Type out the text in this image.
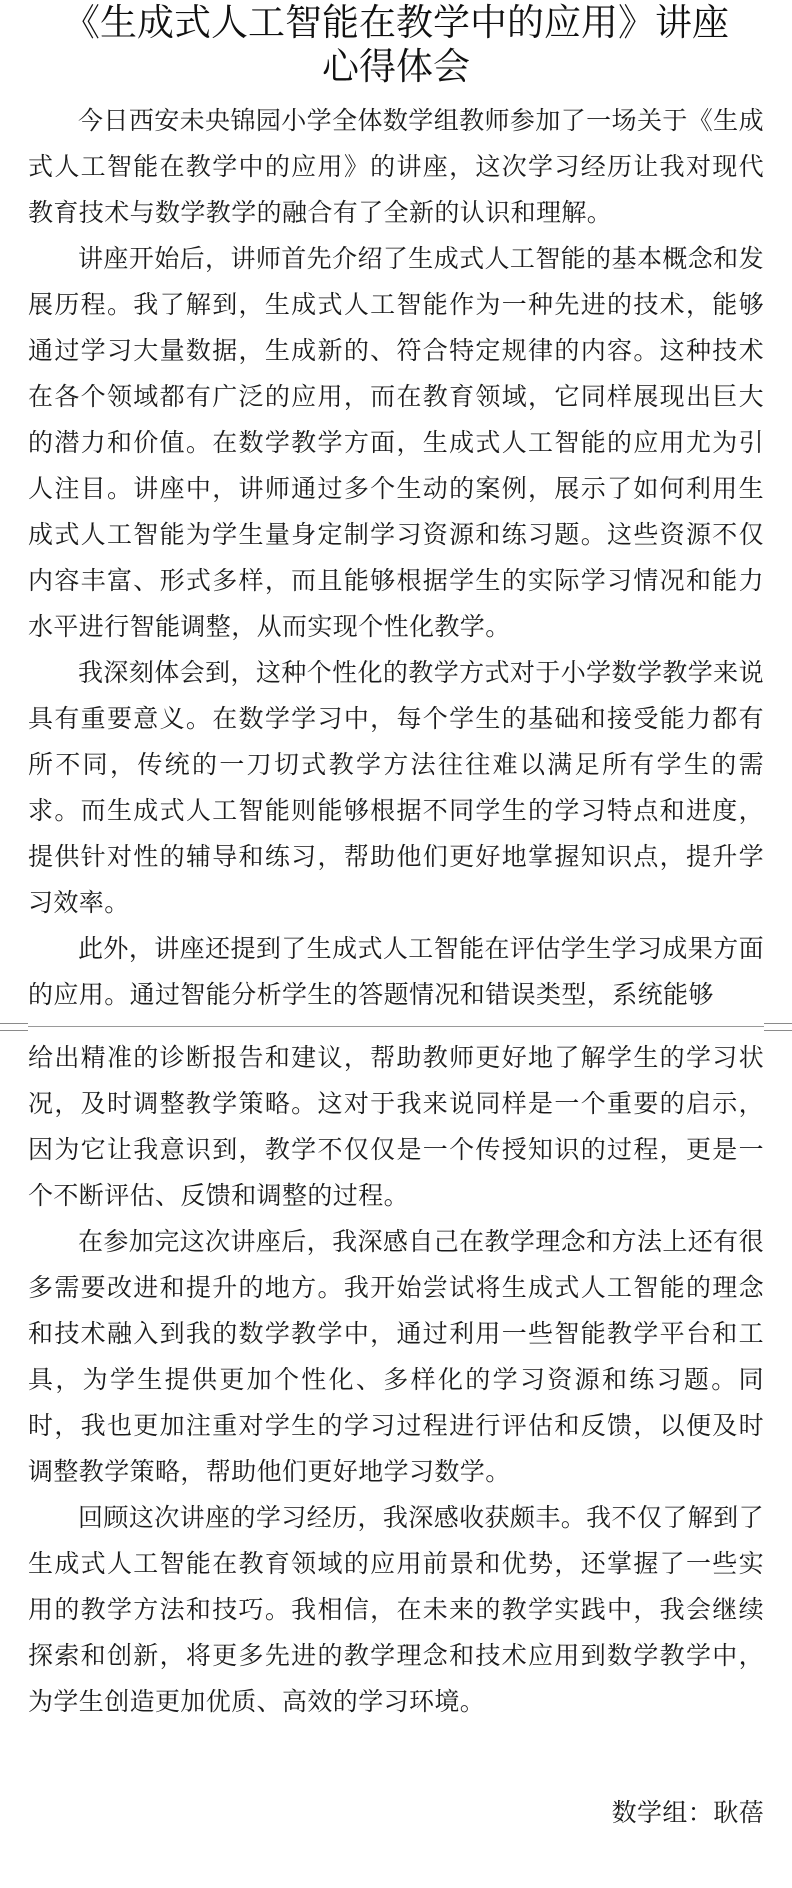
《生成式人工智能在教学中的应用》讲座
心得体会

今日西安未央锦园小学全体数学组教师参加了一场关于《生成式人工智能在教学中的应用》的讲座，这次学习经历让我对现代教育技术与数学教学的融合有了全新的认识和理解。

讲座开始后，讲师首先介绍了生成式人工智能的基本概念和发展历程。我了解到，生成式人工智能作为一种先进的技术，能够通过学习大量数据，生成新的、符合特定规律的内容。这种技术在各个领域都有广泛的应用，而在教育领域，它同样展现出巨大的潜力和价值。在数学教学方面，生成式人工智能的应用尤为引人注目。讲座中，讲师通过多个生动的案例，展示了如何利用生成式人工智能为学生量身定制学习资源和练习题。这些资源不仅内容丰富、形式多样，而且能够根据学生的实际学习情况和能力水平进行智能调整，从而实现个性化教学。

我深刻体会到，这种个性化的教学方式对于小学数学教学来说具有重要意义。在数学学习中，每个学生的基础和接受能力都有所不同，传统的一刀切式教学方法往往难以满足所有学生的需求。而生成式人工智能则能够根据不同学生的学习特点和进度，提供针对性的辅导和练习，帮助他们更好地掌握知识点，提升学习效率。

此外，讲座还提到了生成式人工智能在评估学生学习成果方面的应用。通过智能分析学生的答题情况和错误类型，系统能够

给出精准的诊断报告和建议，帮助教师更好地了解学生的学习状况，及时调整教学策略。这对于我来说同样是一个重要的启示，因为它让我意识到，教学不仅仅是一个传授知识的过程，更是一个不断评估、反馈和调整的过程。

在参加完这次讲座后，我深感自己在教学理念和方法上还有很多需要改进和提升的地方。我开始尝试将生成式人工智能的理念和技术融入到我的数学教学中，通过利用一些智能教学平台和工具，为学生提供更加个性化、多样化的学习资源和练习题。同时，我也更加注重对学生的学习过程进行评估和反馈，以便及时调整教学策略，帮助他们更好地学习数学。

回顾这次讲座的学习经历，我深感收获颇丰。我不仅了解到了生成式人工智能在教育领域的应用前景和优势，还掌握了一些实用的教学方法和技巧。我相信，在未来的教学实践中，我会继续探索和创新，将更多先进的教学理念和技术应用到数学教学中，为学生创造更加优质、高效的学习环境。

数学组：耿蓓
